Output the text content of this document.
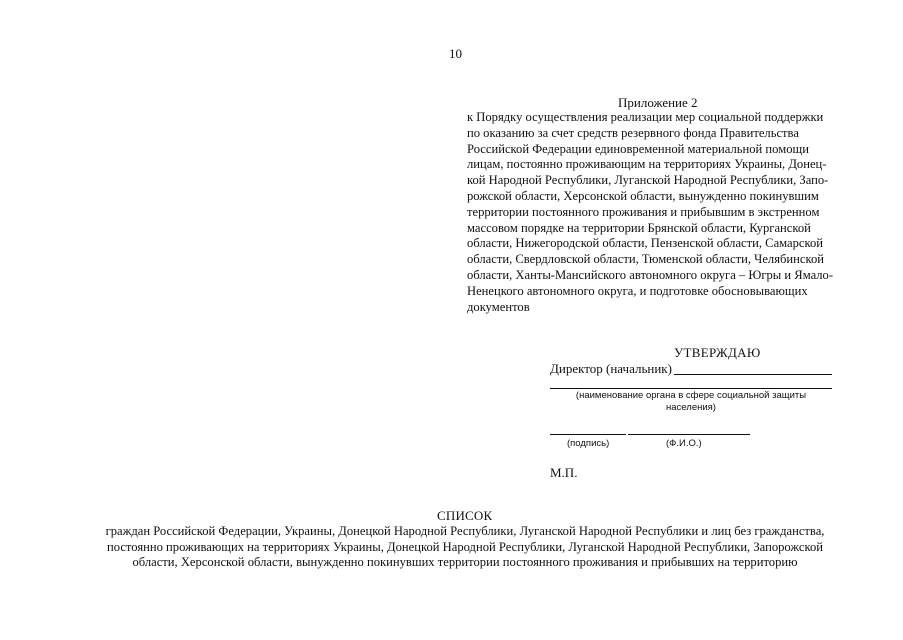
10
Приложение 2
к Порядку осуществления реализации мер социальной поддержки
по оказанию за счет средств резервного фонда Правительства
Российской Федерации единовременной материальной помощи
лицам, постоянно проживающим на территориях Украины, Донец-
кой Народной Республики, Луганской Народной Республики, Запо-
рожской области, Херсонской области, вынужденно покинувшим
территории постоянного проживания и прибывшим в экстренном
массовом порядке на территории Брянской области, Курганской
области, Нижегородской области, Пензенской области, Самарской
области, Свердловской области, Тюменской области, Челябинской
области, Ханты-Мансийского автономного округа – Югры и Ямало-
Ненецкого автономного округа, и подготовке обосновывающих
документов
УТВЕРЖДАЮ
Директор (начальник)
(наименование органа в сфере социальной защиты населения)
(подпись)	(Ф.И.О.)
М.П.
СПИСОК
граждан Российской Федерации, Украины, Донецкой Народной Республики, Луганской Народной Республики и лиц без гражданства,
постоянно проживающих на территориях Украины, Донецкой Народной Республики, Луганской Народной Республики, Запорожской
области, Херсонской области, вынужденно покинувших территории постоянного проживания и прибывших на территорию
